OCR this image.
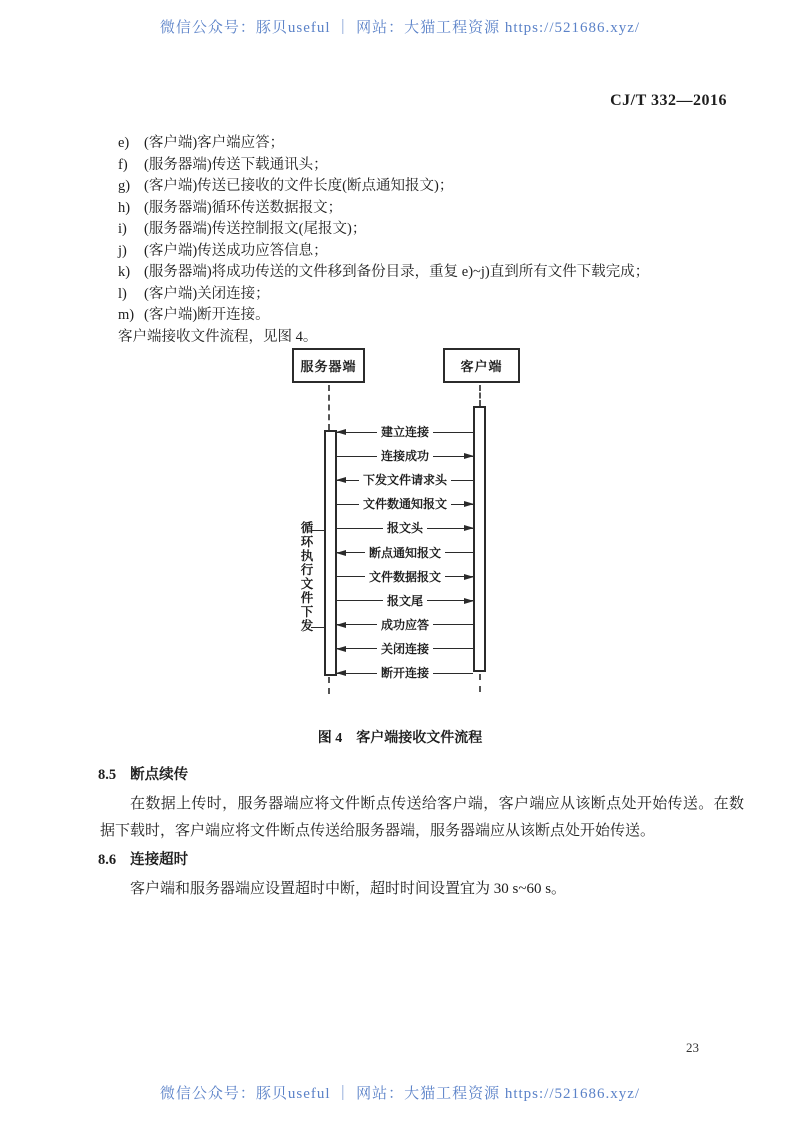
微信公众号：豚贝useful ｜ 网站：大猫工程资源 https://521686.xyz/
CJ/T 332—2016
e) (客户端)客户端应答；
f) (服务器端)传送下载通讯头；
g) (客户端)传送已接收的文件长度(断点通知报文)；
h) (服务器端)循环传送数据报文；
i) (服务器端)传送控制报文(尾报文)；
j) (客户端)传送成功应答信息；
k) (服务器端)将成功传送的文件移到备份目录，重复 e)~j)直到所有文件下载完成；
l) (客户端)关闭连接；
m) (客户端)断开连接。
客户端接收文件流程，见图 4。
服务器端	客户端
循环执行文件下发
建立连接
连接成功
下发文件请求头
文件数通知报文
报文头
断点通知报文
文件数据报文
报文尾
成功应答
关闭连接
断开连接
图 4　客户端接收文件流程
8.5 断点续传

在数据上传时，服务器端应将文件断点传送给客户端，客户端应从该断点处开始传送。在数据下载时，客户端应将文件断点传送给服务器端，服务器端应从该断点处开始传送。

8.6 连接超时

客户端和服务器端应设置超时中断，超时时间设置宜为 30 s~60 s。

23
微信公众号：豚贝useful ｜ 网站：大猫工程资源 https://521686.xyz/
